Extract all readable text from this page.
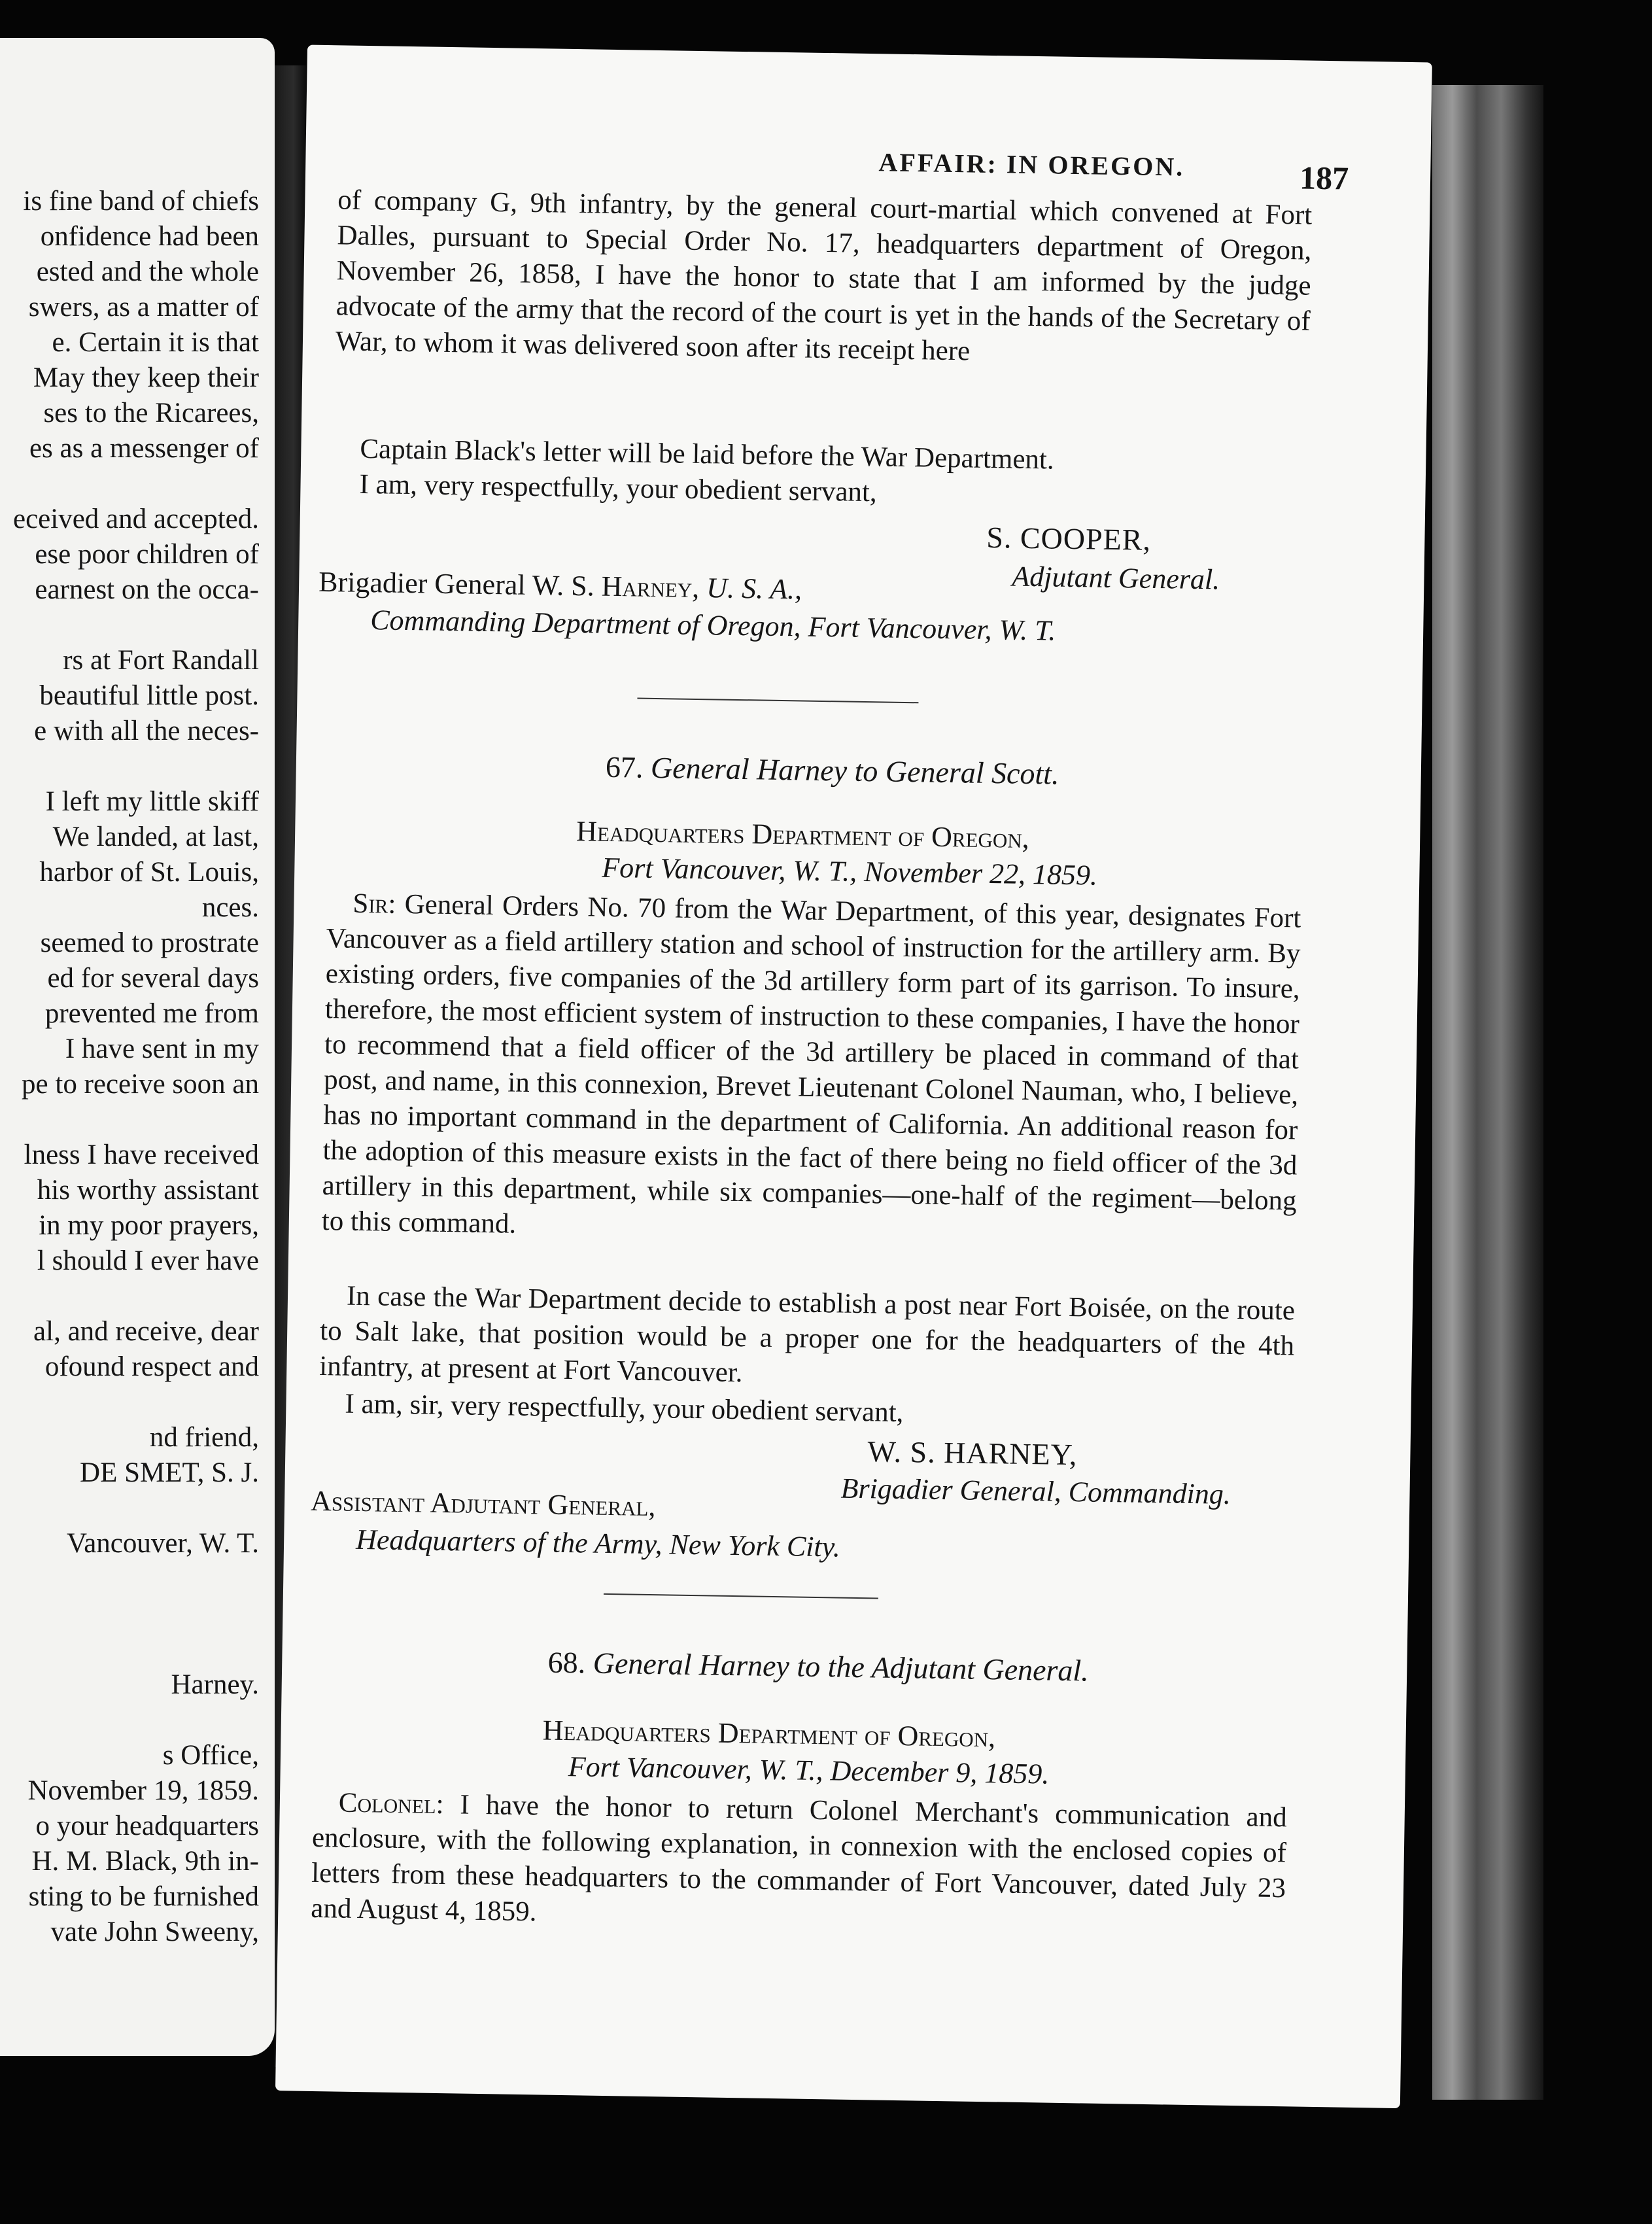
is fine band of chiefs
onfidence had been
ested and the whole
swers, as a matter of
e. Certain it is that
May they keep their
ses to the Ricarees,
es as a messenger of
eceived and accepted.
ese poor children of
earnest on the occa-
rs at Fort Randall
beautiful little post.
e with all the neces-
I left my little skiff
We landed, at last,
harbor of St. Louis,
nces.
seemed to prostrate
ed for several days
prevented me from
I have sent in my
pe to receive soon an
lness I have received
his worthy assistant
in my poor prayers,
l should I ever have
al, and receive, dear
ofound respect and
nd friend,
DE SMET, S. J.
Vancouver, W. T.
Harney.
s Office,
November 19, 1859.
o your headquarters
H. M. Black, 9th in-
sting to be furnished
vate John Sweeny,
AFFAIR: IN OREGON.	187
of company G, 9th infantry, by the general court-martial which convened at Fort Dalles, pursuant to Special Order No. 17, headquarters department of Oregon, November 26, 1858, I have the honor to state that I am informed by the judge advocate of the army that the record of the court is yet in the hands of the Secretary of War, to whom it was delivered soon after its receipt here
Captain Black's letter will be laid before the War Department.
I am, very respectfully, your obedient servant,
S. COOPER,
Adjutant General.
Brigadier General W. S. Harney, U. S. A.,
Commanding Department of Oregon, Fort Vancouver, W. T.
67. General Harney to General Scott.
Headquarters Department of Oregon,
Fort Vancouver, W. T., November 22, 1859.
Sir: General Orders No. 70 from the War Department, of this year, designates Fort Vancouver as a field artillery station and school of instruction for the artillery arm. By existing orders, five companies of the 3d artillery form part of its garrison. To insure, therefore, the most efficient system of instruction to these companies, I have the honor to recommend that a field officer of the 3d artillery be placed in command of that post, and name, in this connexion, Brevet Lieutenant Colonel Nauman, who, I believe, has no important command in the department of California. An additional reason for the adoption of this measure exists in the fact of there being no field officer of the 3d artillery in this department, while six companies—one-half of the regiment—belong to this command.
In case the War Department decide to establish a post near Fort Boisée, on the route to Salt lake, that position would be a proper one for the headquarters of the 4th infantry, at present at Fort Vancouver.
I am, sir, very respectfully, your obedient servant,
W. S. HARNEY,
Brigadier General, Commanding.
Assistant Adjutant General,
Headquarters of the Army, New York City.
68. General Harney to the Adjutant General.
Headquarters Department of Oregon,
Fort Vancouver, W. T., December 9, 1859.
Colonel: I have the honor to return Colonel Merchant's communication and enclosure, with the following explanation, in connexion with the enclosed copies of letters from these headquarters to the commander of Fort Vancouver, dated July 23 and August 4, 1859.
